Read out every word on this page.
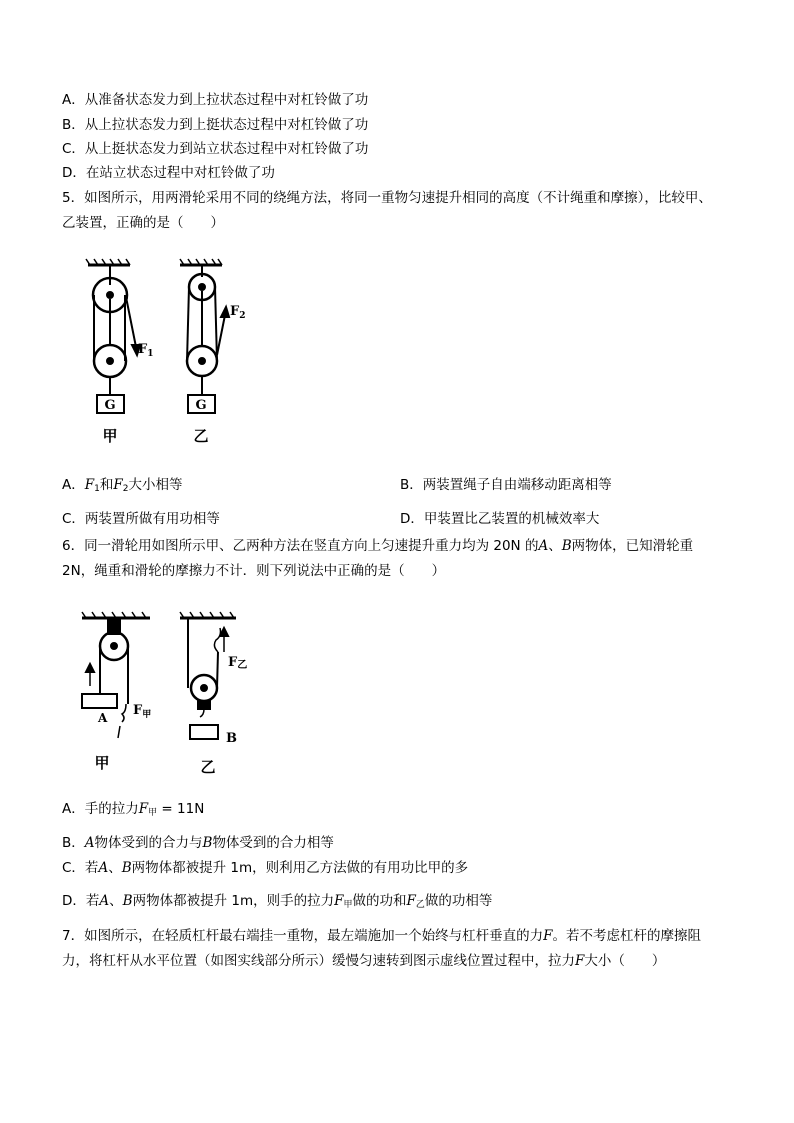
A．从准备状态发力到上拉状态过程中对杠铃做了功
B．从上拉状态发力到上挺状态过程中对杠铃做了功
C．从上挺状态发力到站立状态过程中对杠铃做了功
D．在站立状态过程中对杠铃做了功
5．如图所示，用两滑轮采用不同的绕绳方法，将同一重物匀速提升相同的高度（不计绳重和摩擦），比较甲、
乙装置，正确的是（　　）
G
$F_1$
甲
G
$F_2$
乙
A．$F_1$和$F_2$大小相等	B．两装置绳子自由端移动距离相等
C．两装置所做有用功相等	D．甲装置比乙装置的机械效率大
6．同一滑轮用如图所示甲、乙两种方法在竖直方向上匀速提升重力均为 20N 的A、B两物体，已知滑轮重
2N，绳重和滑轮的摩擦力不计．则下列说法中正确的是（　　）
A $F_甲$
甲
F乙
B
乙
A．手的拉力$F_甲 = 11N$
B．A物体受到的合力与B物体受到的合力相等
C．若A、B两物体都被提升 1m，则利用乙方法做的有用功比甲的多
D．若A、B两物体都被提升 1m，则手的拉力$F_甲$做的功和$F_乙$做的功相等
7．如图所示，在轻质杠杆最右端挂一重物，最左端施加一个始终与杠杆垂直的力F。若不考虑杠杆的摩擦阻
力，将杠杆从水平位置（如图实线部分所示）缓慢匀速转到图示虚线位置过程中，拉力F大小（　　）
